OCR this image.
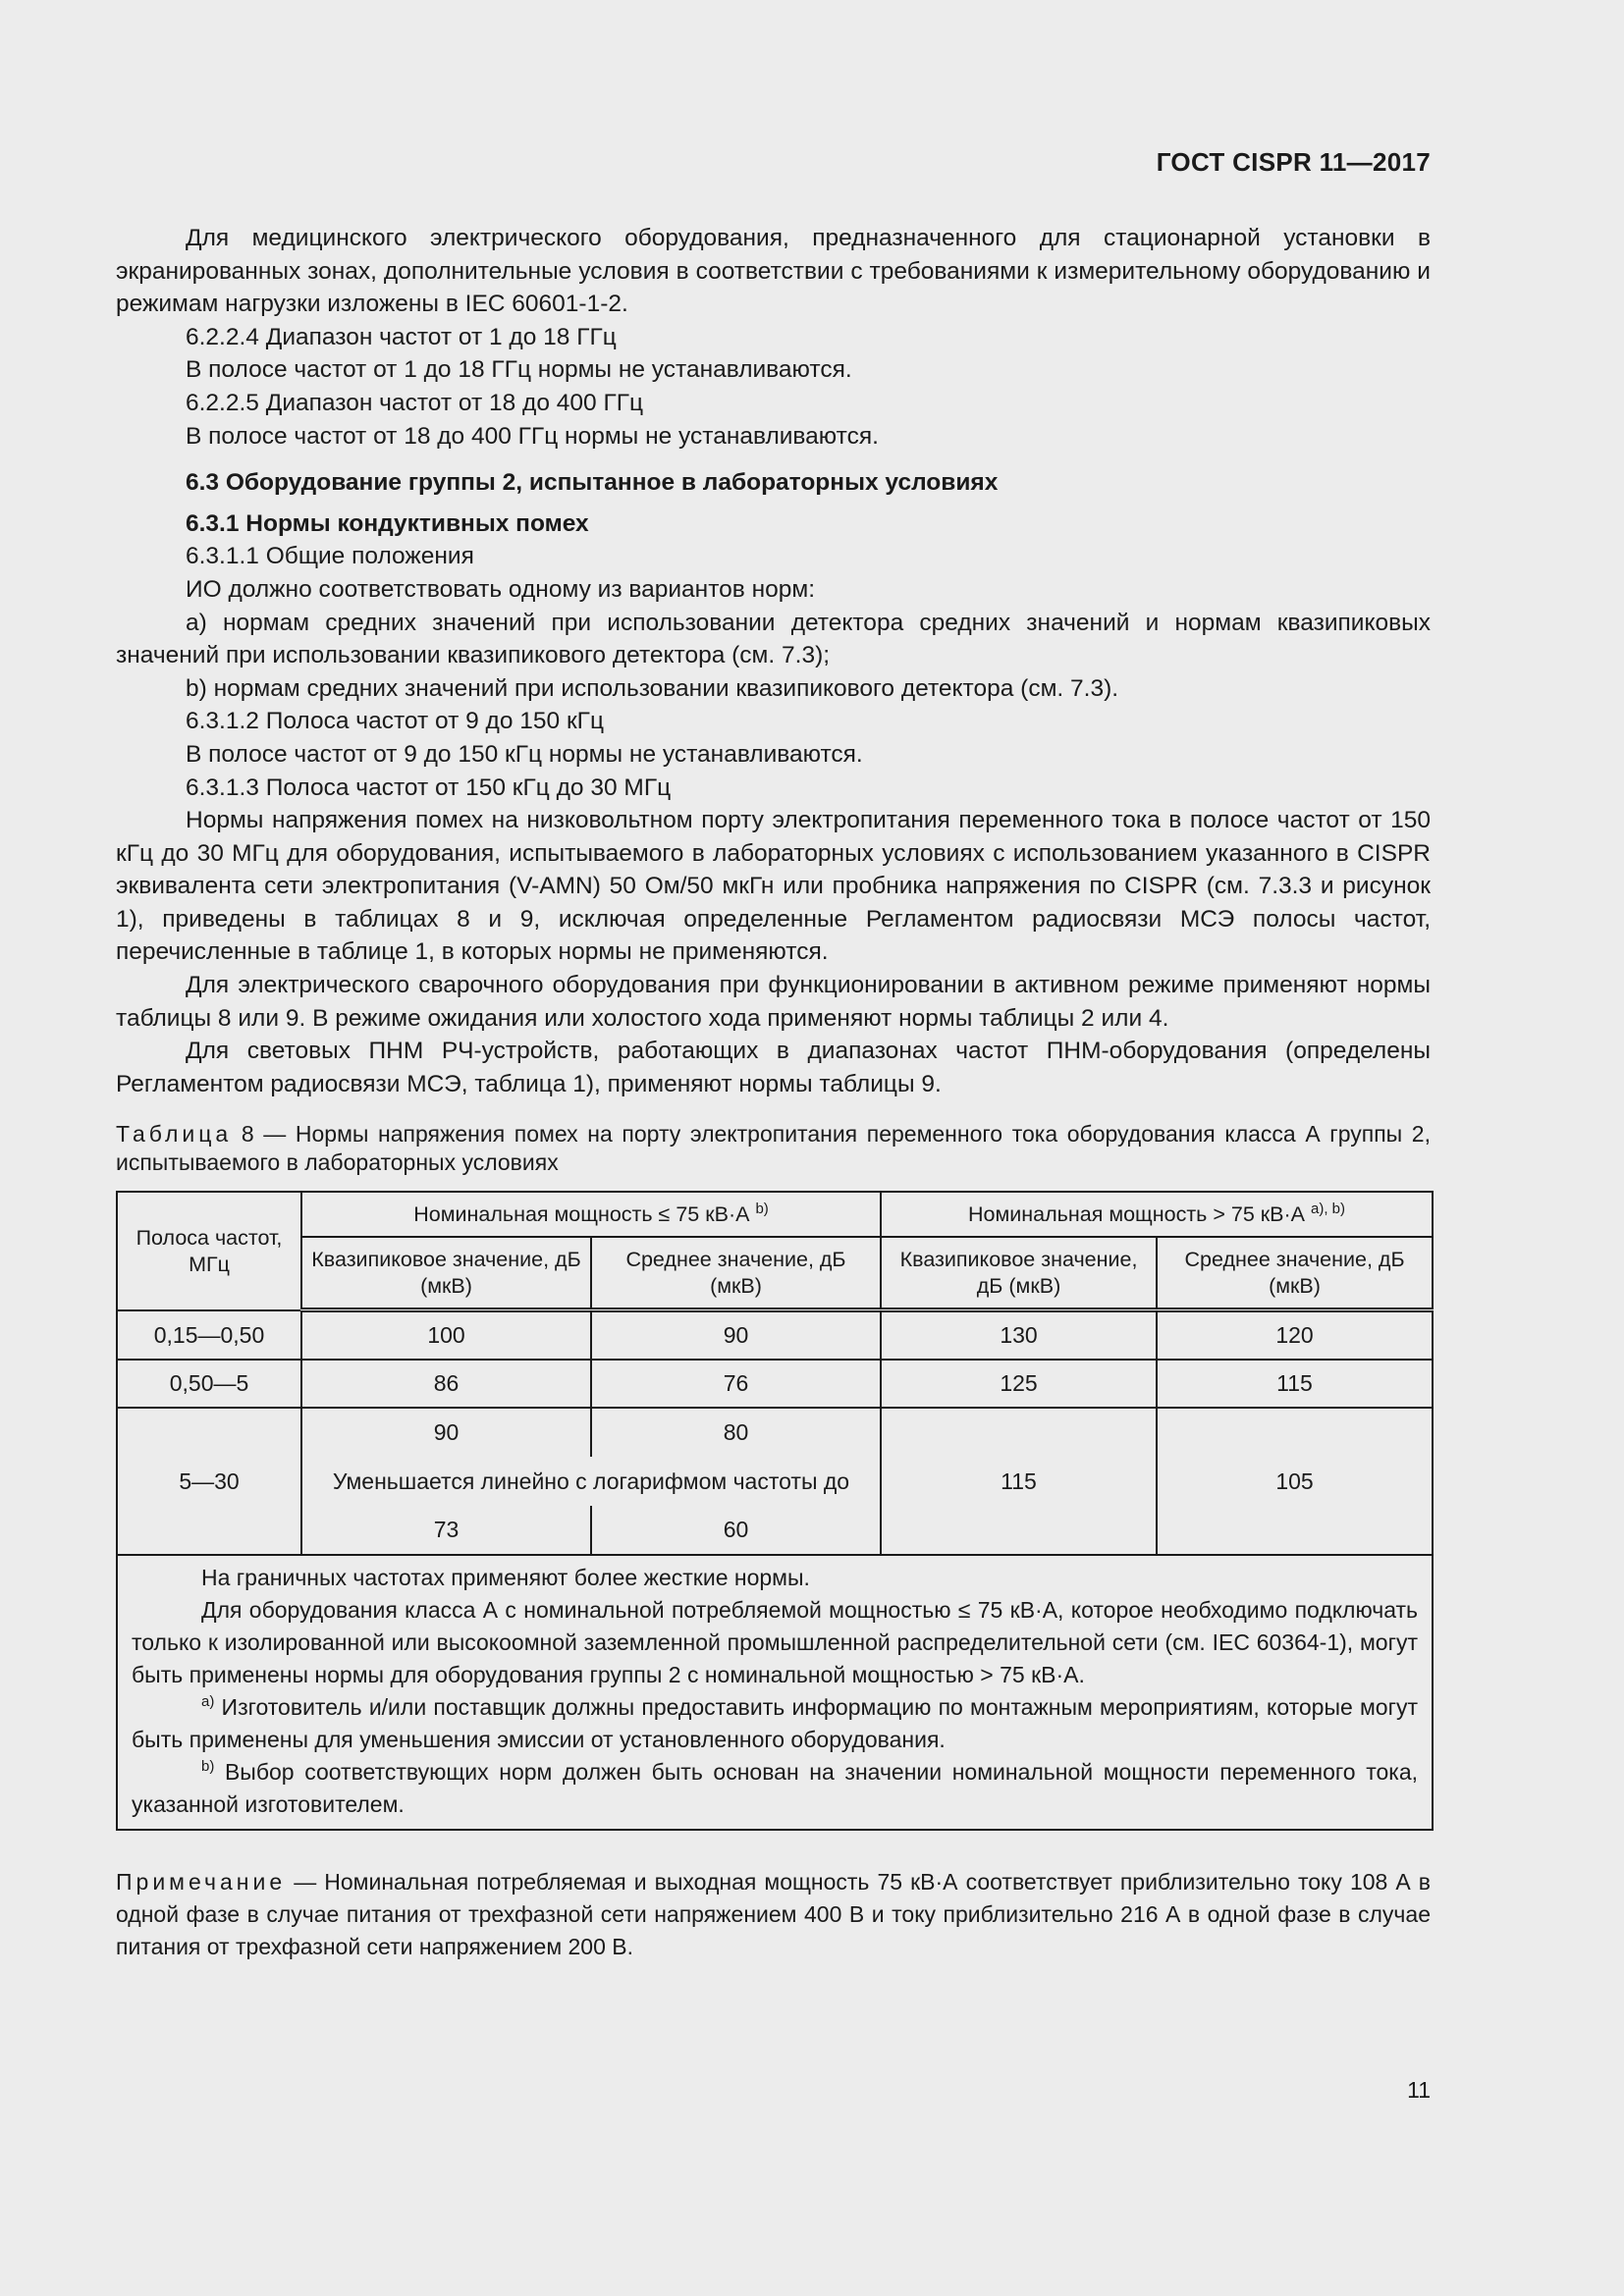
ГОСТ CISPR 11—2017

Для медицинского электрического оборудования, предназначенного для стационарной установки в экранированных зонах, дополнительные условия в соответствии с требованиями к измерительному оборудованию и режимам нагрузки изложены в IEC 60601-1-2.

6.2.2.4 Диапазон частот от 1 до 18 ГГц

В полосе частот от 1 до 18 ГГц нормы не устанавливаются.

6.2.2.5 Диапазон частот от 18 до 400 ГГц

В полосе частот от 18 до 400 ГГц нормы не устанавливаются.

6.3 Оборудование группы 2, испытанное в лабораторных условиях

6.3.1 Нормы кондуктивных помех

6.3.1.1 Общие положения

ИО должно соответствовать одному из вариантов норм:

a) нормам средних значений при использовании детектора средних значений и нормам квазипиковых значений при использовании квазипикового детектора (см. 7.3);

b) нормам средних значений при использовании квазипикового детектора (см. 7.3).

6.3.1.2 Полоса частот от 9 до 150 кГц

В полосе частот от 9 до 150 кГц нормы не устанавливаются.

6.3.1.3 Полоса частот от 150 кГц до 30 МГц

Нормы напряжения помех на низковольтном порту электропитания переменного тока в полосе частот от 150 кГц до 30 МГц для оборудования, испытываемого в лабораторных условиях с использованием указанного в CISPR эквивалента сети электропитания (V-AMN) 50 Ом/50 мкГн или пробника напряжения по CISPR (см. 7.3.3 и рисунок 1), приведены в таблицах 8 и 9, исключая определенные Регламентом радиосвязи МСЭ полосы частот, перечисленные в таблице 1, в которых нормы не применяются.

Для электрического сварочного оборудования при функционировании в активном режиме применяют нормы таблицы 8 или 9. В режиме ожидания или холостого хода применяют нормы таблицы 2 или 4.

Для световых ПНМ РЧ-устройств, работающих в диапазонах частот ПНМ-оборудования (определены Регламентом радиосвязи МСЭ, таблица 1), применяют нормы таблицы 9.

Таблица 8 — Нормы напряжения помех на порту электропитания переменного тока оборудования класса А группы 2, испытываемого в лабораторных условиях

Полоса частот, МГц	Номинальная мощность ≤ 75 кВ·А $^{b)}$		Номинальная мощность > 75 кВ·А $^{a), b)}$
	Квазипиковое значение, дБ (мкВ)	Среднее значение, дБ (мкВ)	Квазипиковое значение, дБ (мкВ)	Среднее значение, дБ (мкВ)
0,15—0,50	100	90	130	120
0,50—5	86	76	125	115
5—30	90	80	115	105
	Уменьшается линейно с логарифмом частоты до			
	73	60		

На граничных частотах применяют более жесткие нормы.

Для оборудования класса А с номинальной потребляемой мощностью ≤ 75 кВ·А, которое необходимо подключать только к изолированной или высокоомной заземленной промышленной распределительной сети (см. IEC 60364-1), могут быть применены нормы для оборудования группы 2 с номинальной мощностью > 75 кВ·А.

$^{a)}$ Изготовитель и/или поставщик должны предоставить информацию по монтажным мероприятиям, которые могут быть применены для уменьшения эмиссии от установленного оборудования.

$^{b)}$ Выбор соответствующих норм должен быть основан на значении номинальной мощности переменного тока, указанной изготовителем.				

Примечание — Номинальная потребляемая и выходная мощность 75 кВ·А соответствует приблизительно току 108 А в одной фазе в случае питания от трехфазной сети напряжением 400 В и току приблизительно 216 А в одной фазе в случае питания от трехфазной сети напряжением 200 В.

11
